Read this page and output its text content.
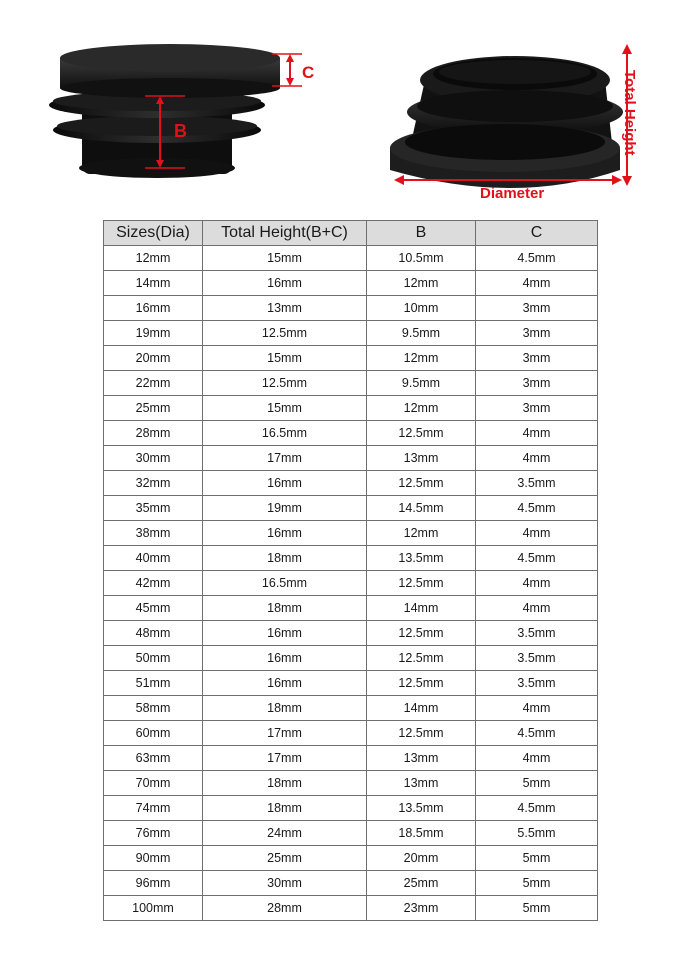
C
B	Total Height
Diameter
Sizes(Dia)	Total Height(B+C)	B	C
12mm	15mm	10.5mm	4.5mm
14mm	16mm	12mm	4mm
16mm	13mm	10mm	3mm
19mm	12.5mm	9.5mm	3mm
20mm	15mm	12mm	3mm
22mm	12.5mm	9.5mm	3mm
25mm	15mm	12mm	3mm
28mm	16.5mm	12.5mm	4mm
30mm	17mm	13mm	4mm
32mm	16mm	12.5mm	3.5mm
35mm	19mm	14.5mm	4.5mm
38mm	16mm	12mm	4mm
40mm	18mm	13.5mm	4.5mm
42mm	16.5mm	12.5mm	4mm
45mm	18mm	14mm	4mm
48mm	16mm	12.5mm	3.5mm
50mm	16mm	12.5mm	3.5mm
51mm	16mm	12.5mm	3.5mm
58mm	18mm	14mm	4mm
60mm	17mm	12.5mm	4.5mm
63mm	17mm	13mm	4mm
70mm	18mm	13mm	5mm
74mm	18mm	13.5mm	4.5mm
76mm	24mm	18.5mm	5.5mm
90mm	25mm	20mm	5mm
96mm	30mm	25mm	5mm
100mm	28mm	23mm	5mm
